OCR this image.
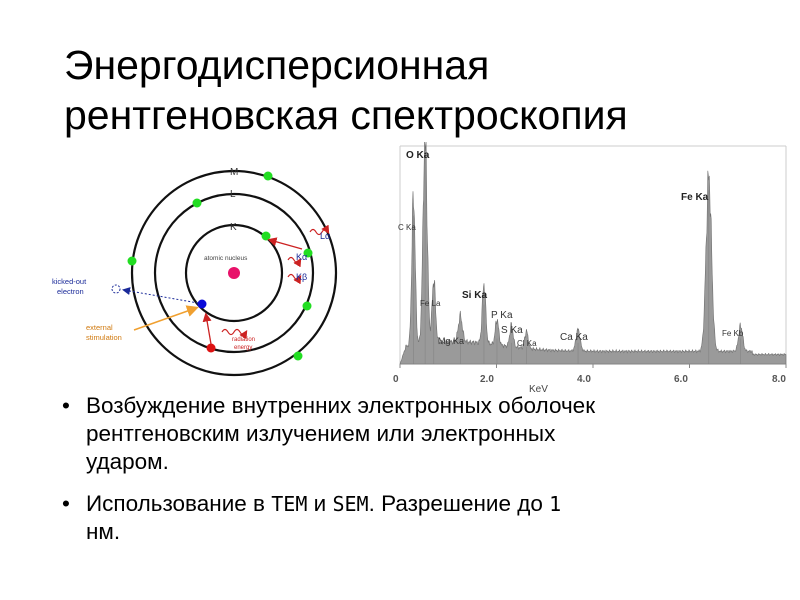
Энергодисперсионная
рентгеновская спектроскопия
M
L
K
atomic nucleus
kicked-out
electron
external
stimulation	radiation
energy
Lα
Kα
Kβ
O Ka
C Ka
Fe La
Mg Ka
Si Ka
P Ka
S Ka
Cl Ka
Ca Ka
Fe Ka
Fe Kb
0	2.0	4.0	6.0	8.0
KeV
• Возбуждение внутренних электронных оболочек
рентгеновским излучением или электронных
ударом.
• Использование в TEM и SEM. Разрешение до 1
нм.
